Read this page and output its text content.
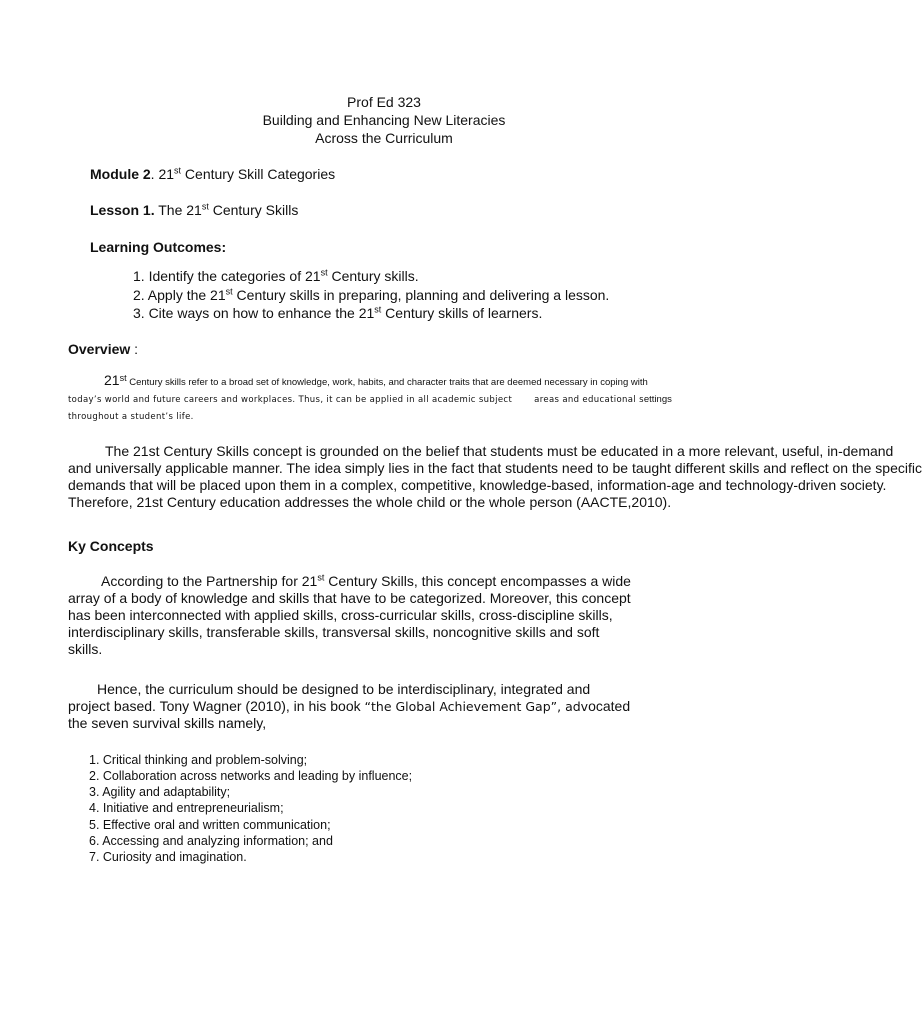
Prof Ed 323
Building and Enhancing New Literacies
Across the Curriculum
Module 2. 21st Century Skill Categories
Lesson 1. The 21st Century Skills
Learning Outcomes:
1. Identify the categories of 21st Century skills.
2. Apply the 21st Century skills in preparing, planning and delivering a lesson.
3. Cite ways on how to enhance the 21st Century skills of learners.
Overview :
21st Century skills refer to a broad set of knowledge, work, habits, and character traits that are deemed necessary in coping with
today’s world and future careers and workplaces. Thus, it can be applied in all academic subject	areas and educational settings
throughout a student’s life.

The 21st Century Skills concept is grounded on the belief that students must be educated in a more relevant, useful, in-demand

and universally applicable manner. The idea simply lies in the fact that students need to be taught different skills and reflect on the specific

demands that will be placed upon them in a complex, competitive, knowledge-based, information-age and technology-driven society.

Therefore, 21st Century education addresses the whole child or the whole person (AACTE,2010).

Ky Concepts

According to the Partnership for 21st Century Skills, this concept encompasses a wide

array of a body of knowledge and skills that have to be categorized. Moreover, this concept

has been interconnected with applied skills, cross-curricular skills, cross-discipline skills,

interdisciplinary skills, transferable skills, transversal skills, noncognitive skills and soft

skills.

Hence, the curriculum should be designed to be interdisciplinary, integrated and

project based. Tony Wagner (2010), in his book “the Global Achievement Gap”, advocated

the seven survival skills namely,

1. Critical thinking and problem-solving;
2. Collaboration across networks and leading by influence;
3. Agility and adaptability;
4. Initiative and entrepreneurialism;
5. Effective oral and written communication;
6. Accessing and analyzing information; and
7. Curiosity and imagination.
